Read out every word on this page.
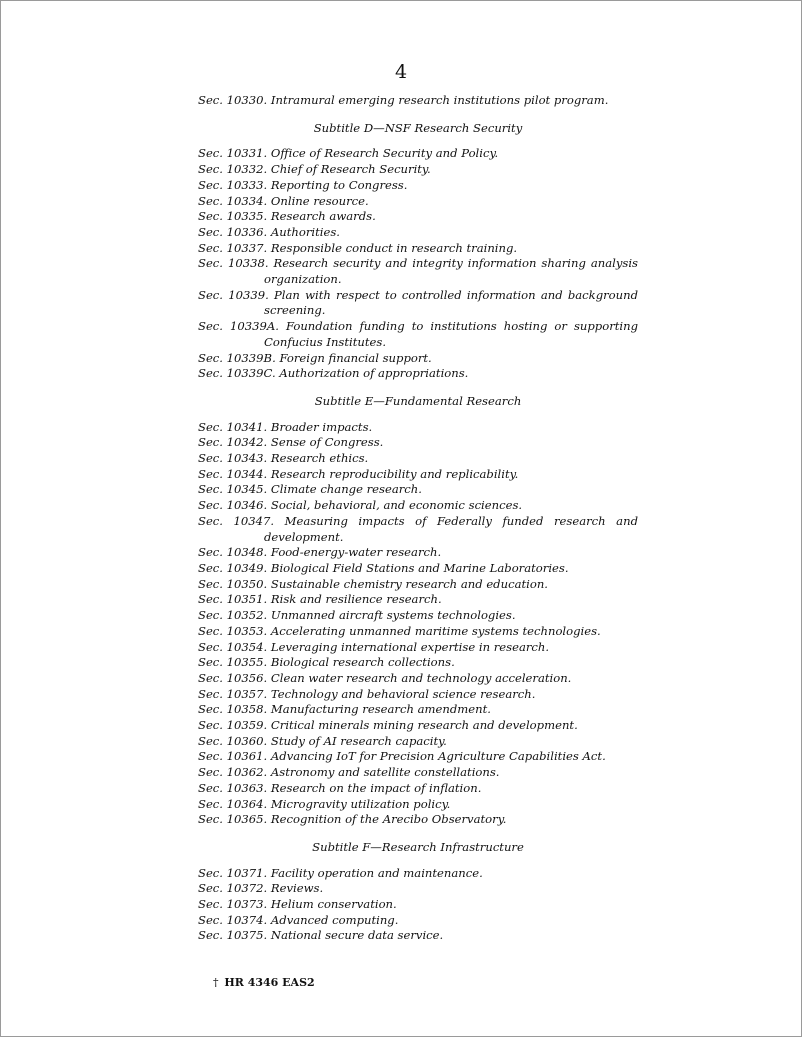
4

Sec. 10330. Intramural emerging research institutions pilot program.

Subtitle D—NSF Research Security

Sec. 10331. Office of Research Security and Policy.

Sec. 10332. Chief of Research Security.

Sec. 10333. Reporting to Congress.

Sec. 10334. Online resource.

Sec. 10335. Research awards.

Sec. 10336. Authorities.

Sec. 10337. Responsible conduct in research training.

Sec. 10338. Research security and integrity information sharing analysis organization.

Sec. 10339. Plan with respect to controlled information and background screening.

Sec. 10339A. Foundation funding to institutions hosting or supporting Confucius Institutes.

Sec. 10339B. Foreign financial support.

Sec. 10339C. Authorization of appropriations.

Subtitle E—Fundamental Research

Sec. 10341. Broader impacts.

Sec. 10342. Sense of Congress.

Sec. 10343. Research ethics.

Sec. 10344. Research reproducibility and replicability.

Sec. 10345. Climate change research.

Sec. 10346. Social, behavioral, and economic sciences.

Sec. 10347. Measuring impacts of Federally funded research and development.

Sec. 10348. Food-energy-water research.

Sec. 10349. Biological Field Stations and Marine Laboratories.

Sec. 10350. Sustainable chemistry research and education.

Sec. 10351. Risk and resilience research.

Sec. 10352. Unmanned aircraft systems technologies.

Sec. 10353. Accelerating unmanned maritime systems technologies.

Sec. 10354. Leveraging international expertise in research.

Sec. 10355. Biological research collections.

Sec. 10356. Clean water research and technology acceleration.

Sec. 10357. Technology and behavioral science research.

Sec. 10358. Manufacturing research amendment.

Sec. 10359. Critical minerals mining research and development.

Sec. 10360. Study of AI research capacity.

Sec. 10361. Advancing IoT for Precision Agriculture Capabilities Act.

Sec. 10362. Astronomy and satellite constellations.

Sec. 10363. Research on the impact of inflation.

Sec. 10364. Microgravity utilization policy.

Sec. 10365. Recognition of the Arecibo Observatory.

Subtitle F—Research Infrastructure

Sec. 10371. Facility operation and maintenance.

Sec. 10372. Reviews.

Sec. 10373. Helium conservation.

Sec. 10374. Advanced computing.

Sec. 10375. National secure data service.

† HR 4346 EAS2
